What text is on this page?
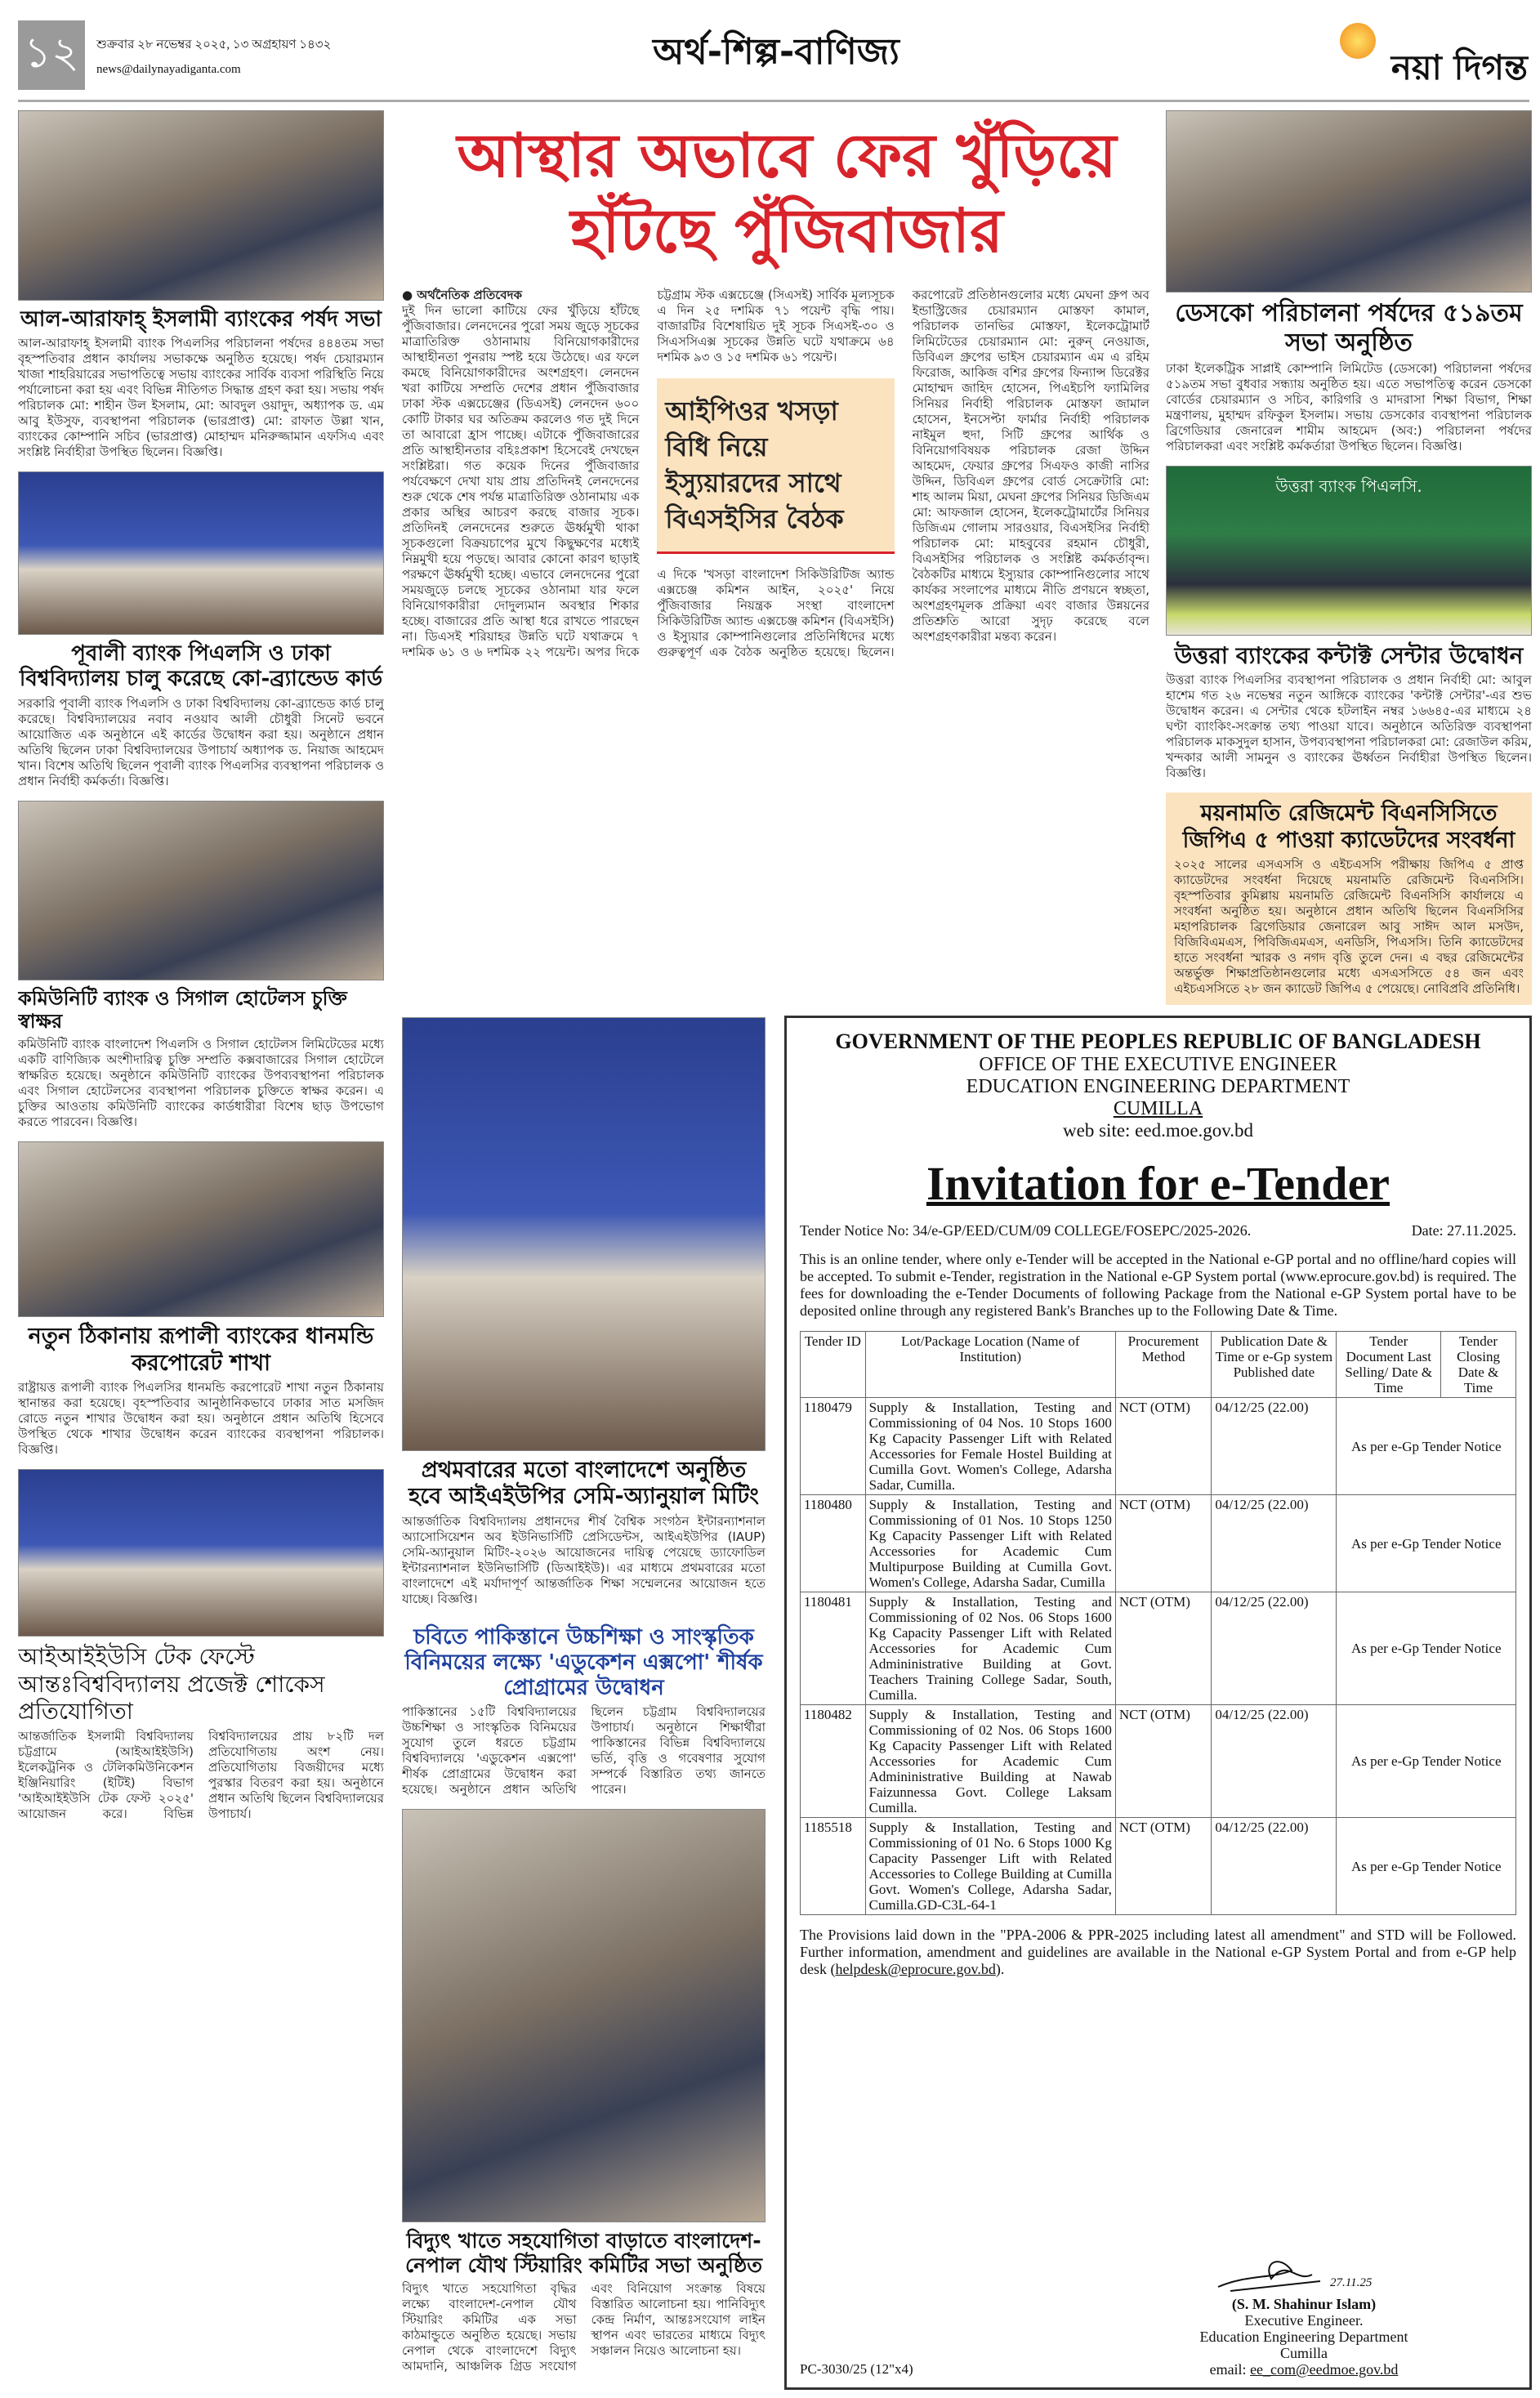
১২	শুক্রবার ২৮ নভেম্বর ২০২৫, ১৩ অগ্রহায়ণ ১৪৩২
news@dailynayadiganta.com	অর্থ-শিল্প-বাণিজ্য	নয়া দিগন্ত
আস্থার অভাবে ফের খুঁড়িয়ে
হাঁটছে পুঁজিবাজার
● অর্থনৈতিক প্রতিবেদক

দুই দিন ভালো কাটিয়ে ফের খুঁড়িয়ে হাঁটছে পুঁজিবাজার। লেনদেনের পুরো সময় জুড়ে সূচকের মাত্রাতিরিক্ত ওঠানামায় বিনিয়োগকারীদের আস্থাহীনতা পুনরায় স্পষ্ট হয়ে উঠেছে। এর ফলে কমছে বিনিয়োগকারীদের অংশগ্রহণ। লেনদেন খরা কাটিয়ে সম্প্রতি দেশের প্রধান পুঁজিবাজার ঢাকা স্টক এক্সচেঞ্জের (ডিএসই) লেনদেন ৬০০ কোটি টাকার ঘর অতিক্রম করলেও গত দুই দিনে তা আবারো হ্রাস পাচ্ছে। এটাকে পুঁজিবাজারের প্রতি আস্থাহীনতার বহিঃপ্রকাশ হিসেবেই দেখছেন সংশ্লিষ্টরা। গত কয়েক দিনের পুঁজিবাজার পর্যবেক্ষণে দেখা যায় প্রায় প্রতিদিনই লেনদেনের শুরু থেকে শেষ পর্যন্ত মাত্রাতিরিক্ত ওঠানামায় এক প্রকার অস্থির আচরণ করছে বাজার সূচক। প্রতিদিনই লেনদেনের শুরুতে ঊর্ধ্বমুখী থাকা সূচকগুলো বিক্রয়চাপের মুখে কিছুক্ষণের মধ্যেই নিম্নমুখী হয়ে পড়ছে। আবার কোনো কারণ ছাড়াই পরক্ষণে ঊর্ধ্বমুখী হচ্ছে। এভাবে লেনদেনের পুরো সময়জুড়ে চলছে সূচকের ওঠানামা যার ফলে বিনিয়োগকারীরা দোদুল্যমান অবস্থার শিকার হচ্ছে। বাজারের প্রতি আস্থা ধরে রাখতে পারছেন না। ডিএসই শরিয়াহর উন্নতি ঘটে যথাক্রমে ৭ দশমিক ৬১ ও ৬ দশমিক ২২ পয়েন্ট। অপর দিকে চট্টগ্রাম স্টক এক্সচেঞ্জে (সিএসই) সার্বিক মূল্যসূচক এ দিন ২৫ দশমিক ৭১ পয়েন্ট বৃদ্ধি পায়। বাজারটির বিশেষায়িত দুই সূচক সিএসই-৩০ ও সিএসসিএক্স সূচকের উন্নতি ঘটে যথাক্রমে ৬৪ দশমিক ৯৩ ও ১৫ দশমিক ৬১ পয়েন্ট।

আইপিওর খসড়া বিধি নিয়ে ইস্যুয়ারদের সাথে বিএসইসির বৈঠক

এ দিকে 'খসড়া বাংলাদেশ সিকিউরিটিজ অ্যান্ড এক্সচেঞ্জ কমিশন আইন, ২০২৫' নিয়ে পুঁজিবাজার নিয়ন্ত্রক সংস্থা বাংলাদেশ সিকিউরিটিজ অ্যান্ড এক্সচেঞ্জ কমিশন (বিএসইসি) ও ইস্যুয়ার কোম্পানিগুলোর প্রতিনিধিদের মধ্যে গুরুত্বপূর্ণ এক বৈঠক অনুষ্ঠিত হয়েছে। ছিলেন। করপোরেট প্রতিষ্ঠানগুলোর মধ্যে মেঘনা গ্রুপ অব ইন্ডাস্ট্রিজের চেয়ারম্যান মোস্তফা কামাল, পরিচালক তানভির মোস্তফা, ইলেকট্রোমার্ট লিমিটেডের চেয়ারম্যান মো: নুরুন্ নেওয়াজ, ডিবিএল গ্রুপের ভাইস চেয়ারম্যান এম এ রহিম ফিরোজ, আকিজ বশির গ্রুপের ফিন্যান্স ডিরেক্টর মোহাম্মদ জাহিদ হোসেন, পিএইচপি ফ্যামিলির সিনিয়র নির্বাহী পরিচালক মোস্তফা জামাল হোসেন, ইনসেপ্টা ফার্মার নির্বাহী পরিচালক নাইমুল হুদা, সিটি গ্রুপের আর্থিক ও বিনিয়োগবিষয়ক পরিচালক রেজা উদ্দিন আহমেদ, ফেয়ার গ্রুপের সিএফও কাজী নাসির উদ্দিন, ডিবিএল গ্রুপের বোর্ড সেক্রেটারি মো: শাহ আলম মিয়া, মেঘনা গ্রুপের সিনিয়র ডিজিএম মো: আফজাল হোসেন, ইলেকট্রোমার্টের সিনিয়র ডিজিএম গোলাম সারওয়ার, বিএসইসির নির্বাহী পরিচালক মো: মাহবুবের রহমান চৌধুরী, বিএসইসির পরিচালক ও সংশ্লিষ্ট কর্মকর্তাবৃন্দ। বৈঠকটির মাধ্যমে ইস্যুয়ার কোম্পানিগুলোর সাথে কার্যকর সংলাপের মাধ্যমে নীতি প্রণয়নে স্বচ্ছতা, অংশগ্রহণমূলক প্রক্রিয়া এবং বাজার উন্নয়নের প্রতিশ্রুতি আরো সুদৃঢ় করেছে বলে অংশগ্রহণকারীরা মন্তব্য করেন।

আল-আরাফাহ্ ইসলামী ব্যাংকের পর্ষদ সভা
আল-আরাফাহ্ ইসলামী ব্যাংক পিএলসির পরিচালনা পর্ষদের ৪৪৪তম সভা বৃহস্পতিবার প্রধান কার্যালয় সভাকক্ষে অনুষ্ঠিত হয়েছে। পর্ষদ চেয়ারম্যান খাজা শাহরিয়ারের সভাপতিত্বে সভায় ব্যাংকের সার্বিক ব্যবসা পরিস্থিতি নিয়ে পর্যালোচনা করা হয় এবং বিভিন্ন নীতিগত সিদ্ধান্ত গ্রহণ করা হয়। সভায় পর্ষদ পরিচালক মো: শাহীন উল ইসলাম, মো: আবদুল ওয়াদুদ, অধ্যাপক ড. এম আবু ইউসুফ, ব্যবস্থাপনা পরিচালক (ভারপ্রাপ্ত) মো: রাফাত উল্লা খান, ব্যাংকের কোম্পানি সচিব (ভারপ্রাপ্ত) মোহাম্মদ মনিরুজ্জামান এফসিএ এবং সংশ্লিষ্ট নির্বাহীরা উপস্থিত ছিলেন। বিজ্ঞপ্তি।
পূবালী ব্যাংক পিএলসি ও ঢাকা বিশ্ববিদ্যালয় চালু করেছে কো-ব্র্যান্ডেড কার্ড
সরকারি পূবালী ব্যাংক পিএলসি ও ঢাকা বিশ্ববিদ্যালয় কো-ব্র্যান্ডেড কার্ড চালু করেছে। বিশ্ববিদ্যালয়ের নবাব নওয়াব আলী চৌধুরী সিনেট ভবনে আয়োজিত এক অনুষ্ঠানে এই কার্ডের উদ্বোধন করা হয়। অনুষ্ঠানে প্রধান অতিথি ছিলেন ঢাকা বিশ্ববিদ্যালয়ের উপাচার্য অধ্যাপক ড. নিয়াজ আহমেদ খান। বিশেষ অতিথি ছিলেন পূবালী ব্যাংক পিএলসির ব্যবস্থাপনা পরিচালক ও প্রধান নির্বাহী কর্মকর্তা। বিজ্ঞপ্তি।
কমিউনিটি ব্যাংক ও সিগাল হোটেলস চুক্তি স্বাক্ষর
কমিউনিটি ব্যাংক বাংলাদেশ পিএলসি ও সিগাল হোটেলস লিমিটেডের মধ্যে একটি বাণিজ্যিক অংশীদারিত্ব চুক্তি সম্প্রতি কক্সবাজারের সিগাল হোটেলে স্বাক্ষরিত হয়েছে। অনুষ্ঠানে কমিউনিটি ব্যাংকের উপব্যবস্থাপনা পরিচালক এবং সিগাল হোটেলসের ব্যবস্থাপনা পরিচালক চুক্তিতে স্বাক্ষর করেন। এ চুক্তির আওতায় কমিউনিটি ব্যাংকের কার্ডধারীরা বিশেষ ছাড় উপভোগ করতে পারবেন। বিজ্ঞপ্তি।
নতুন ঠিকানায় রূপালী ব্যাংকের ধানমন্ডি করপোরেট শাখা
রাষ্ট্রায়ত্ত রূপালী ব্যাংক পিএলসির ধানমন্ডি করপোরেট শাখা নতুন ঠিকানায় স্থানান্তর করা হয়েছে। বৃহস্পতিবার আনুষ্ঠানিকভাবে ঢাকার সাত মসজিদ রোডে নতুন শাখার উদ্বোধন করা হয়। অনুষ্ঠানে প্রধান অতিথি হিসেবে উপস্থিত থেকে শাখার উদ্বোধন করেন ব্যাংকের ব্যবস্থাপনা পরিচালক। বিজ্ঞপ্তি।
আইআইইউসি টেক ফেস্টে আন্তঃবিশ্ববিদ্যালয় প্রজেক্ট শোকেস প্রতিযোগিতা
আন্তর্জাতিক ইসলামী বিশ্ববিদ্যালয় চট্টগ্রামে (আইআইইউসি) ইলেকট্রনিক ও টেলিকমিউনিকেশন ইঞ্জিনিয়ারিং (ইটিই) বিভাগ 'আইআইইউসি টেক ফেস্ট ২০২৫' আয়োজন করে। বিভিন্ন বিশ্ববিদ্যালয়ের প্রায় ৮২টি দল প্রতিযোগিতায় অংশ নেয়। প্রতিযোগিতায় বিজয়ীদের মধ্যে পুরস্কার বিতরণ করা হয়। অনুষ্ঠানে প্রধান অতিথি ছিলেন বিশ্ববিদ্যালয়ের উপাচার্য।
প্রথমবারের মতো বাংলাদেশে অনুষ্ঠিত হবে আইএইউপির সেমি-অ্যানুয়াল মিটিং
আন্তর্জাতিক বিশ্ববিদ্যালয় প্রধানদের শীর্ষ বৈশ্বিক সংগঠন ইন্টারন্যাশনাল অ্যাসোসিয়েশন অব ইউনিভার্সিটি প্রেসিডেন্টস, আইএইউপির (IAUP) সেমি-অ্যানুয়াল মিটিং-২০২৬ আয়োজনের দায়িত্ব পেয়েছে ড্যাফোডিল ইন্টারন্যাশনাল ইউনিভার্সিটি (ডিআইইউ)। এর মাধ্যমে প্রথমবারের মতো বাংলাদেশে এই মর্যাদাপূর্ণ আন্তর্জাতিক শিক্ষা সম্মেলনের আয়োজন হতে যাচ্ছে। বিজ্ঞপ্তি।
চবিতে পাকিস্তানে উচ্চশিক্ষা ও সাংস্কৃতিক বিনিময়ের লক্ষ্যে 'এডুকেশন এক্সপো' শীর্ষক প্রোগ্রামের উদ্বোধন
পাকিস্তানের ১৫টি বিশ্ববিদ্যালয়ের উচ্চশিক্ষা ও সাংস্কৃতিক বিনিময়ের সুযোগ তুলে ধরতে চট্টগ্রাম বিশ্ববিদ্যালয়ে 'এডুকেশন এক্সপো' শীর্ষক প্রোগ্রামের উদ্বোধন করা হয়েছে। অনুষ্ঠানে প্রধান অতিথি ছিলেন চট্টগ্রাম বিশ্ববিদ্যালয়ের উপাচার্য। অনুষ্ঠানে শিক্ষার্থীরা পাকিস্তানের বিভিন্ন বিশ্ববিদ্যালয়ে ভর্তি, বৃত্তি ও গবেষণার সুযোগ সম্পর্কে বিস্তারিত তথ্য জানতে পারেন।
বিদ্যুৎ খাতে সহযোগিতা বাড়াতে বাংলাদেশ-নেপাল যৌথ স্টিয়ারিং কমিটির সভা অনুষ্ঠিত
বিদ্যুৎ খাতে সহযোগিতা বৃদ্ধির লক্ষ্যে বাংলাদেশ-নেপাল যৌথ স্টিয়ারিং কমিটির এক সভা কাঠমান্ডুতে অনুষ্ঠিত হয়েছে। সভায় নেপাল থেকে বাংলাদেশে বিদ্যুৎ আমদানি, আঞ্চলিক গ্রিড সংযোগ এবং বিনিয়োগ সংক্রান্ত বিষয়ে বিস্তারিত আলোচনা হয়। পানিবিদ্যুৎ কেন্দ্র নির্মাণ, আন্তঃসংযোগ লাইন স্থাপন এবং ভারতের মাধ্যমে বিদ্যুৎ সঞ্চালন নিয়েও আলোচনা হয়।
ডেসকো পরিচালনা পর্ষদের ৫১৯তম সভা অনুষ্ঠিত
ঢাকা ইলেকট্রিক সাপ্লাই কোম্পানি লিমিটেড (ডেসকো) পরিচালনা পর্ষদের ৫১৯তম সভা বুধবার সন্ধ্যায় অনুষ্ঠিত হয়। এতে সভাপতিত্ব করেন ডেসকো বোর্ডের চেয়ারম্যান ও সচিব, কারিগরি ও মাদরাসা শিক্ষা বিভাগ, শিক্ষা মন্ত্রণালয়, মুহাম্মদ রফিকুল ইসলাম। সভায় ডেসকোর ব্যবস্থাপনা পরিচালক ব্রিগেডিয়ার জেনারেল শামীম আহমেদ (অব:) পরিচালনা পর্ষদের পরিচালকরা এবং সংশ্লিষ্ট কর্মকর্তারা উপস্থিত ছিলেন। বিজ্ঞপ্তি।
উত্তরা ব্যাংক পিএলসি.
উত্তরা ব্যাংকের কন্টাক্ট সেন্টার উদ্বোধন
উত্তরা ব্যাংক পিএলসির ব্যবস্থাপনা পরিচালক ও প্রধান নির্বাহী মো: আবুল হাশেম গত ২৬ নভেম্বর নতুন আঙ্গিকে ব্যাংকের 'কন্টাক্ট সেন্টার'-এর শুভ উদ্বোধন করেন। এ সেন্টার থেকে হটলাইন নম্বর ১৬৬৪৫-এর মাধ্যমে ২৪ ঘণ্টা ব্যাংকিং-সংক্রান্ত তথ্য পাওয়া যাবে। অনুষ্ঠানে অতিরিক্ত ব্যবস্থাপনা পরিচালক মাকসুদুল হাসান, উপব্যবস্থাপনা পরিচালকরা মো: রেজাউল করিম, খন্দকার আলী সামনুন ও ব্যাংকের ঊর্ধ্বতন নির্বাহীরা উপস্থিত ছিলেন। বিজ্ঞপ্তি।
ময়নামতি রেজিমেন্ট বিএনসিসিতে জিপিএ ৫ পাওয়া ক্যাডেটদের সংবর্ধনা
২০২৫ সালের এসএসসি ও এইচএসসি পরীক্ষায় জিপিএ ৫ প্রাপ্ত ক্যাডেটদের সংবর্ধনা দিয়েছে ময়নামতি রেজিমেন্ট বিএনসিসি। বৃহস্পতিবার কুমিল্লায় ময়নামতি রেজিমেন্ট বিএনসিসি কার্যালয়ে এ সংবর্ধনা অনুষ্ঠিত হয়। অনুষ্ঠানে প্রধান অতিথি ছিলেন বিএনসিসির মহাপরিচালক ব্রিগেডিয়ার জেনারেল আবু সাঈদ আল মসউদ, বিজিবিএমএস, পিবিজিএমএস, এনডিসি, পিএসসি। তিনি ক্যাডেটদের হাতে সংবর্ধনা স্মারক ও নগদ বৃত্তি তুলে দেন। এ বছর রেজিমেন্টের অন্তর্ভুক্ত শিক্ষাপ্রতিষ্ঠানগুলোর মধ্যে এসএসসিতে ৫৪ জন এবং এইচএসসিতে ২৮ জন ক্যাডেট জিপিএ ৫ পেয়েছে। নোবিপ্রবি প্রতিনিধি।
GOVERNMENT OF THE PEOPLES REPUBLIC OF BANGLADESH
OFFICE OF THE EXECUTIVE ENGINEER
EDUCATION ENGINEERING DEPARTMENT
CUMILLA
web site: eed.moe.gov.bd
Invitation for e-Tender
Tender Notice No: 34/e-GP/EED/CUM/09 COLLEGE/FOSEPC/2025-2026.	Date: 27.11.2025.

This is an online tender, where only e-Tender will be accepted in the National e-GP portal and no offline/hard copies will be accepted. To submit e-Tender, registration in the National e-GP System portal (www.eprocure.gov.bd) is required. The fees for downloading the e-Tender Documents of following Package from the National e-GP System portal have to be deposited online through any registered Bank's Branches up to the Following Date & Time.

Tender ID	Lot/Package Location (Name of Institution)	Procurement Method	Publication Date & Time or e-Gp system Published date	Tender Document Last Selling/ Date & Time	Tender Closing Date & Time
1180479	Supply & Installation, Testing and Commissioning of 04 Nos. 10 Stops 1600 Kg Capacity Passenger Lift with Related Accessories for Female Hostel Building at Cumilla Govt. Women's College, Adarsha Sadar, Cumilla.	NCT (OTM)	04/12/25 (22.00)	As per e-Gp Tender Notice	
1180480	Supply & Installation, Testing and Commissioning of 01 Nos. 10 Stops 1250 Kg Capacity Passenger Lift with Related Accessories for Academic Cum Multipurpose Building at Cumilla Govt. Women's College, Adarsha Sadar, Cumilla	NCT (OTM)	04/12/25 (22.00)	As per e-Gp Tender Notice	
1180481	Supply & Installation, Testing and Commissioning of 02 Nos. 06 Stops 1600 Kg Capacity Passenger Lift with Related Accessories for Academic Cum Admininistrative Building at Govt. Teachers Training College Sadar, South, Cumilla.	NCT (OTM)	04/12/25 (22.00)	As per e-Gp Tender Notice	
1180482	Supply & Installation, Testing and Commissioning of 02 Nos. 06 Stops 1600 Kg Capacity Passenger Lift with Related Accessories for Academic Cum Admininistrative Building at Nawab Faizunnessa Govt. College Laksam Cumilla.	NCT (OTM)	04/12/25 (22.00)	As per e-Gp Tender Notice	
1185518	Supply & Installation, Testing and Commissioning of 01 No. 6 Stops 1000 Kg Capacity Passenger Lift with Related Accessories to College Building at Cumilla Govt. Women's College, Adarsha Sadar, Cumilla.GD-C3L-64-1	NCT (OTM)	04/12/25 (22.00)	As per e-Gp Tender Notice	

The Provisions laid down in the "PPA-2006 & PPR-2025 including latest all amendment" and STD will be Followed. Further information, amendment and guidelines are available in the National e-GP System Portal and from e-GP help desk (helpdesk@eprocure.gov.bd).

PC-3030/25 (12"x4)
27.11.25
(S. M. Shahinur Islam)
Executive Engineer.
Education Engineering Department
Cumilla
email: ee_com@eedmoe.gov.bd
